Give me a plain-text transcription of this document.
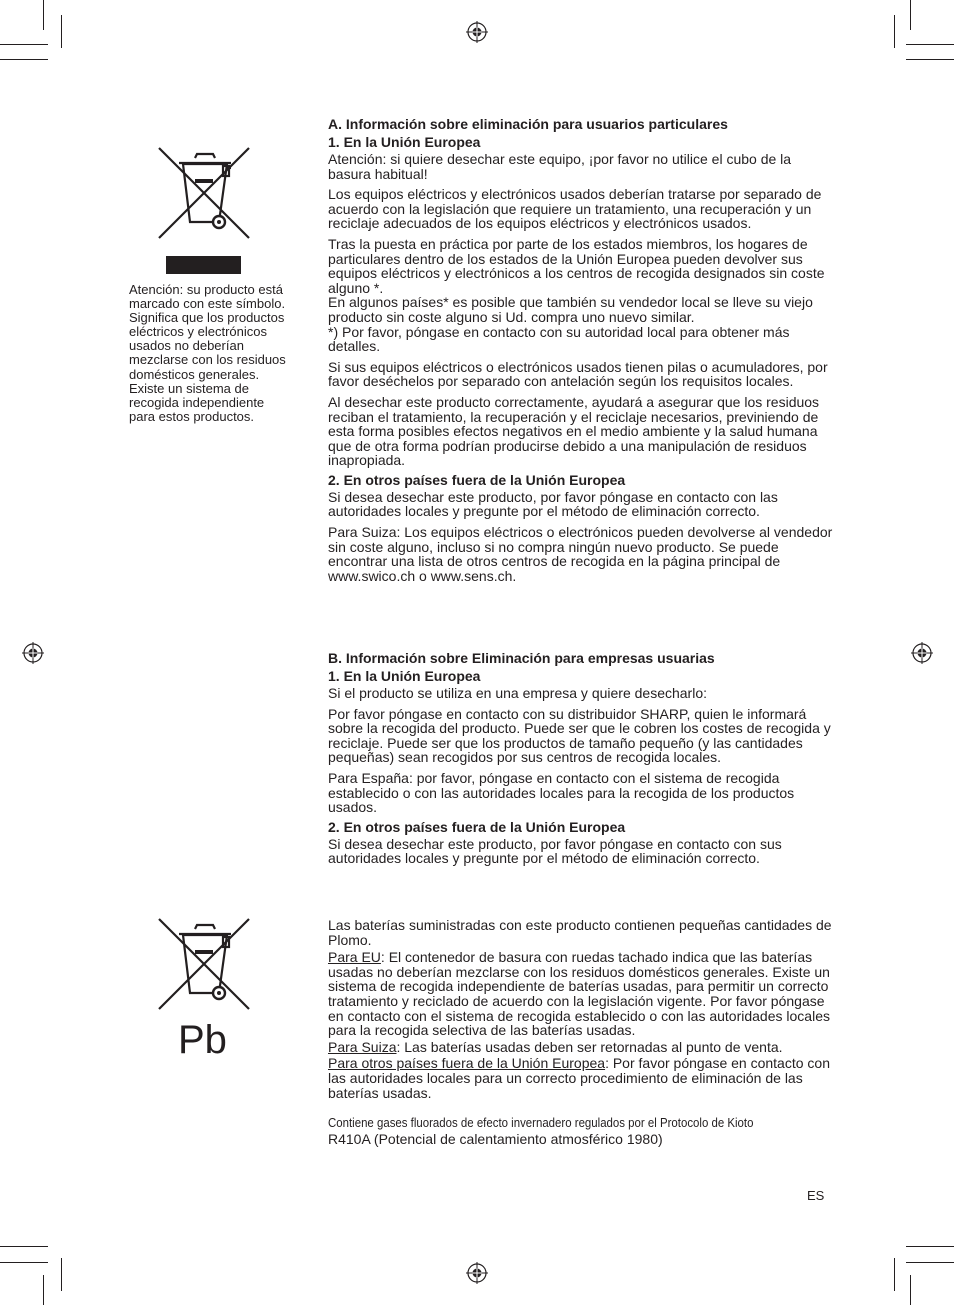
Atención: su producto está marcado con este símbolo. Significa que los productos eléctricos y electrónicos usados no deberían mezclarse con los residuos domésticos generales. Existe un sistema de recogida independiente para estos productos.
A. Información sobre eliminación para usuarios particulares
1. En la Unión Europea

Atención: si quiere desechar este equipo, ¡por favor no utilice el cubo de la basura habitual!

Los equipos eléctricos y electrónicos usados deberían tratarse por separado de acuerdo con la legislación que requiere un tratamiento, una recuperación y un reciclaje adecuados de los equipos eléctricos y electrónicos usados.

Tras la puesta en práctica por parte de los estados miembros, los hogares de particulares dentro de los estados de la Unión Europea pueden devolver sus equipos eléctricos y electrónicos a los centros de recogida designados sin coste alguno *.

En algunos países* es posible que también su vendedor local se lleve su viejo producto sin coste alguno si Ud. compra uno nuevo similar.

*) Por favor, póngase en contacto con su autoridad local para obtener más detalles.

Si sus equipos eléctricos o electrónicos usados tienen pilas o acumuladores, por favor deséchelos por separado con antelación según los requisitos locales.

Al desechar este producto correctamente, ayudará a asegurar que los residuos reciban el tratamiento, la recuperación y el reciclaje necesarios, previniendo de esta forma posibles efectos negativos en el medio ambiente y la salud humana que de otra forma podrían producirse debido a una manipulación de residuos inapropiada.

2. En otros países fuera de la Unión Europea

Si desea desechar este producto, por favor póngase en contacto con las autoridades locales y pregunte por el método de eliminación correcto.

Para Suiza: Los equipos eléctricos o electrónicos pueden devolverse al vendedor sin coste alguno, incluso si no compra ningún nuevo producto. Se puede encontrar una lista de otros centros de recogida en la página principal de www.swico.ch o www.sens.ch.

B. Información sobre Eliminación para empresas usuarias
1. En la Unión Europea

Si el producto se utiliza en una empresa y quiere desecharlo:

Por favor póngase en contacto con su distribuidor SHARP, quien le informará sobre la recogida del producto. Puede ser que le cobren los costes de recogida y reciclaje. Puede ser que los productos de tamaño pequeño (y las cantidades pequeñas) sean recogidos por sus centros de recogida locales.

Para España: por favor, póngase en contacto con el sistema de recogida establecido o con las autoridades locales para la recogida de los productos usados.

2. En otros países fuera de la Unión Europea

Si desea desechar este producto, por favor póngase en contacto con sus autoridades locales y pregunte por el método de eliminación correcto.

Pb

Las baterías suministradas con este producto contienen pequeñas cantidades de Plomo.

Para EU: El contenedor de basura con ruedas tachado indica que las baterías usadas no deberían mezclarse con los residuos domésticos generales. Existe un sistema de recogida independiente de baterías usadas, para permitir un correcto tratamiento y reciclado de acuerdo con la legislación vigente. Por favor póngase en contacto con el sistema de recogida establecido o con las autoridades locales para la recogida selectiva de las baterías usadas.

Para Suiza: Las baterías usadas deben ser retornadas al punto de venta.

Para otros países fuera de la Unión Europea: Por favor póngase en contacto con las autoridades locales para un correcto procedimiento de eliminación de las baterías usadas.

Contiene gases fluorados de efecto invernadero regulados por el Protocolo de Kioto
R410A (Potencial de calentamiento atmosférico 1980)
ES
